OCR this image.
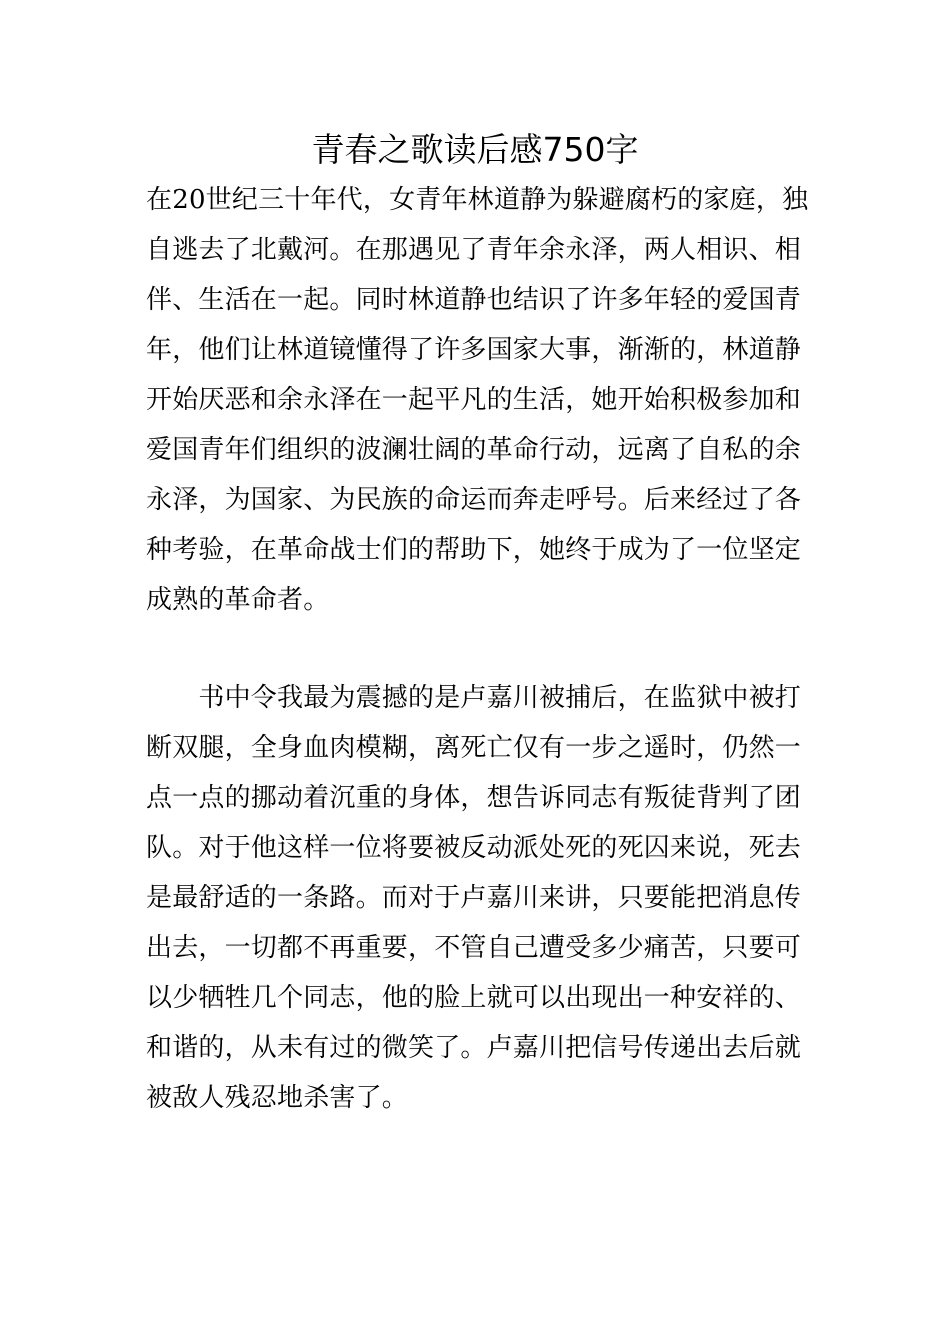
青春之歌读后感750字
在20世纪三十年代，女青年林道静为躲避腐朽的家庭，独
自逃去了北戴河。在那遇见了青年余永泽，两人相识、相
伴、生活在一起。同时林道静也结识了许多年轻的爱国青
年，他们让林道镜懂得了许多国家大事，渐渐的，林道静
开始厌恶和余永泽在一起平凡的生活，她开始积极参加和
爱国青年们组织的波澜壮阔的革命行动，远离了自私的余
永泽，为国家、为民族的命运而奔走呼号。后来经过了各
种考验，在革命战士们的帮助下，她终于成为了一位坚定
成熟的革命者。
　　书中令我最为震撼的是卢嘉川被捕后，在监狱中被打
断双腿，全身血肉模糊，离死亡仅有一步之遥时，仍然一
点一点的挪动着沉重的身体，想告诉同志有叛徒背判了团
队。对于他这样一位将要被反动派处死的死囚来说，死去
是最舒适的一条路。而对于卢嘉川来讲，只要能把消息传
出去，一切都不再重要，不管自己遭受多少痛苦，只要可
以少牺牲几个同志，他的脸上就可以出现出一种安祥的、
和谐的，从未有过的微笑了。卢嘉川把信号传递出去后就
被敌人残忍地杀害了。
